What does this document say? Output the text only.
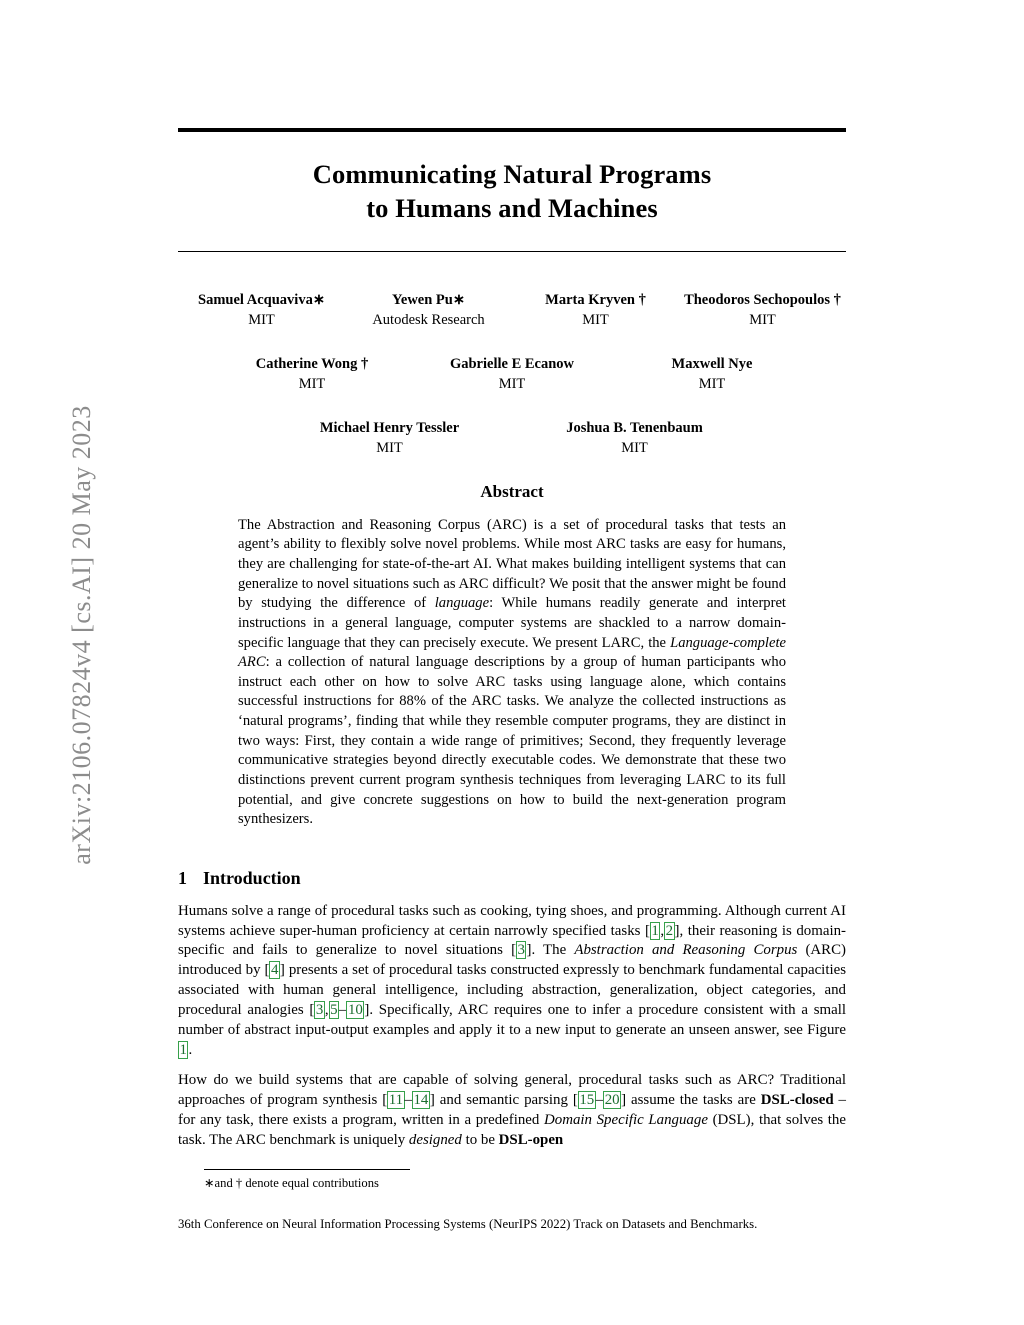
arXiv:2106.07824v4 [cs.AI] 20 May 2023
Communicating Natural Programs
to Humans and Machines
Samuel Acquaviva∗
MIT
Yewen Pu∗
Autodesk Research
Marta Kryven †
MIT
Theodoros Sechopoulos †
MIT
Catherine Wong †
MIT
Gabrielle E Ecanow
MIT
Maxwell Nye
MIT
Michael Henry Tessler
MIT
Joshua B. Tenenbaum
MIT
Abstract
The Abstraction and Reasoning Corpus (ARC) is a set of procedural tasks that tests an agent’s ability to flexibly solve novel problems. While most ARC tasks are easy for humans, they are challenging for state-of-the-art AI. What makes building intelligent systems that can generalize to novel situations such as ARC difficult? We posit that the answer might be found by studying the difference of language: While humans readily generate and interpret instructions in a general language, computer systems are shackled to a narrow domain-specific language that they can precisely execute. We present LARC, the Language-complete ARC: a collection of natural language descriptions by a group of human participants who instruct each other on how to solve ARC tasks using language alone, which contains successful instructions for 88% of the ARC tasks. We analyze the collected instructions as ‘natural programs’, finding that while they resemble computer programs, they are distinct in two ways: First, they contain a wide range of primitives; Second, they frequently leverage communicative strategies beyond directly executable codes. We demonstrate that these two distinctions prevent current program synthesis techniques from leveraging LARC to its full potential, and give concrete suggestions on how to build the next-generation program synthesizers.
1 Introduction

Humans solve a range of procedural tasks such as cooking, tying shoes, and programming. Although current AI systems achieve super-human proficiency at certain narrowly specified tasks [ 1 , 2 ], their reasoning is domain-specific and fails to generalize to novel situations [ 3 ]. The Abstraction and Reasoning Corpus (ARC) introduced by [ 4 ] presents a set of procedural tasks constructed expressly to benchmark fundamental capacities associated with human general intelligence, including abstraction, generalization, object categories, and procedural analogies [ 3 , 5 – 10 ]. Specifically, ARC requires one to infer a procedure consistent with a small number of abstract input-output examples and apply it to a new input to generate an unseen answer, see Figure 1 .

How do we build systems that are capable of solving general, procedural tasks such as ARC? Traditional approaches of program synthesis [ 11 – 14 ] and semantic parsing [ 15 – 20 ] assume the tasks are DSL-closed – for any task, there exists a program, written in a predefined Domain Specific Language (DSL), that solves the task. The ARC benchmark is uniquely designed to be DSL-open

∗and † denote equal contributions
36th Conference on Neural Information Processing Systems (NeurIPS 2022) Track on Datasets and Benchmarks.
